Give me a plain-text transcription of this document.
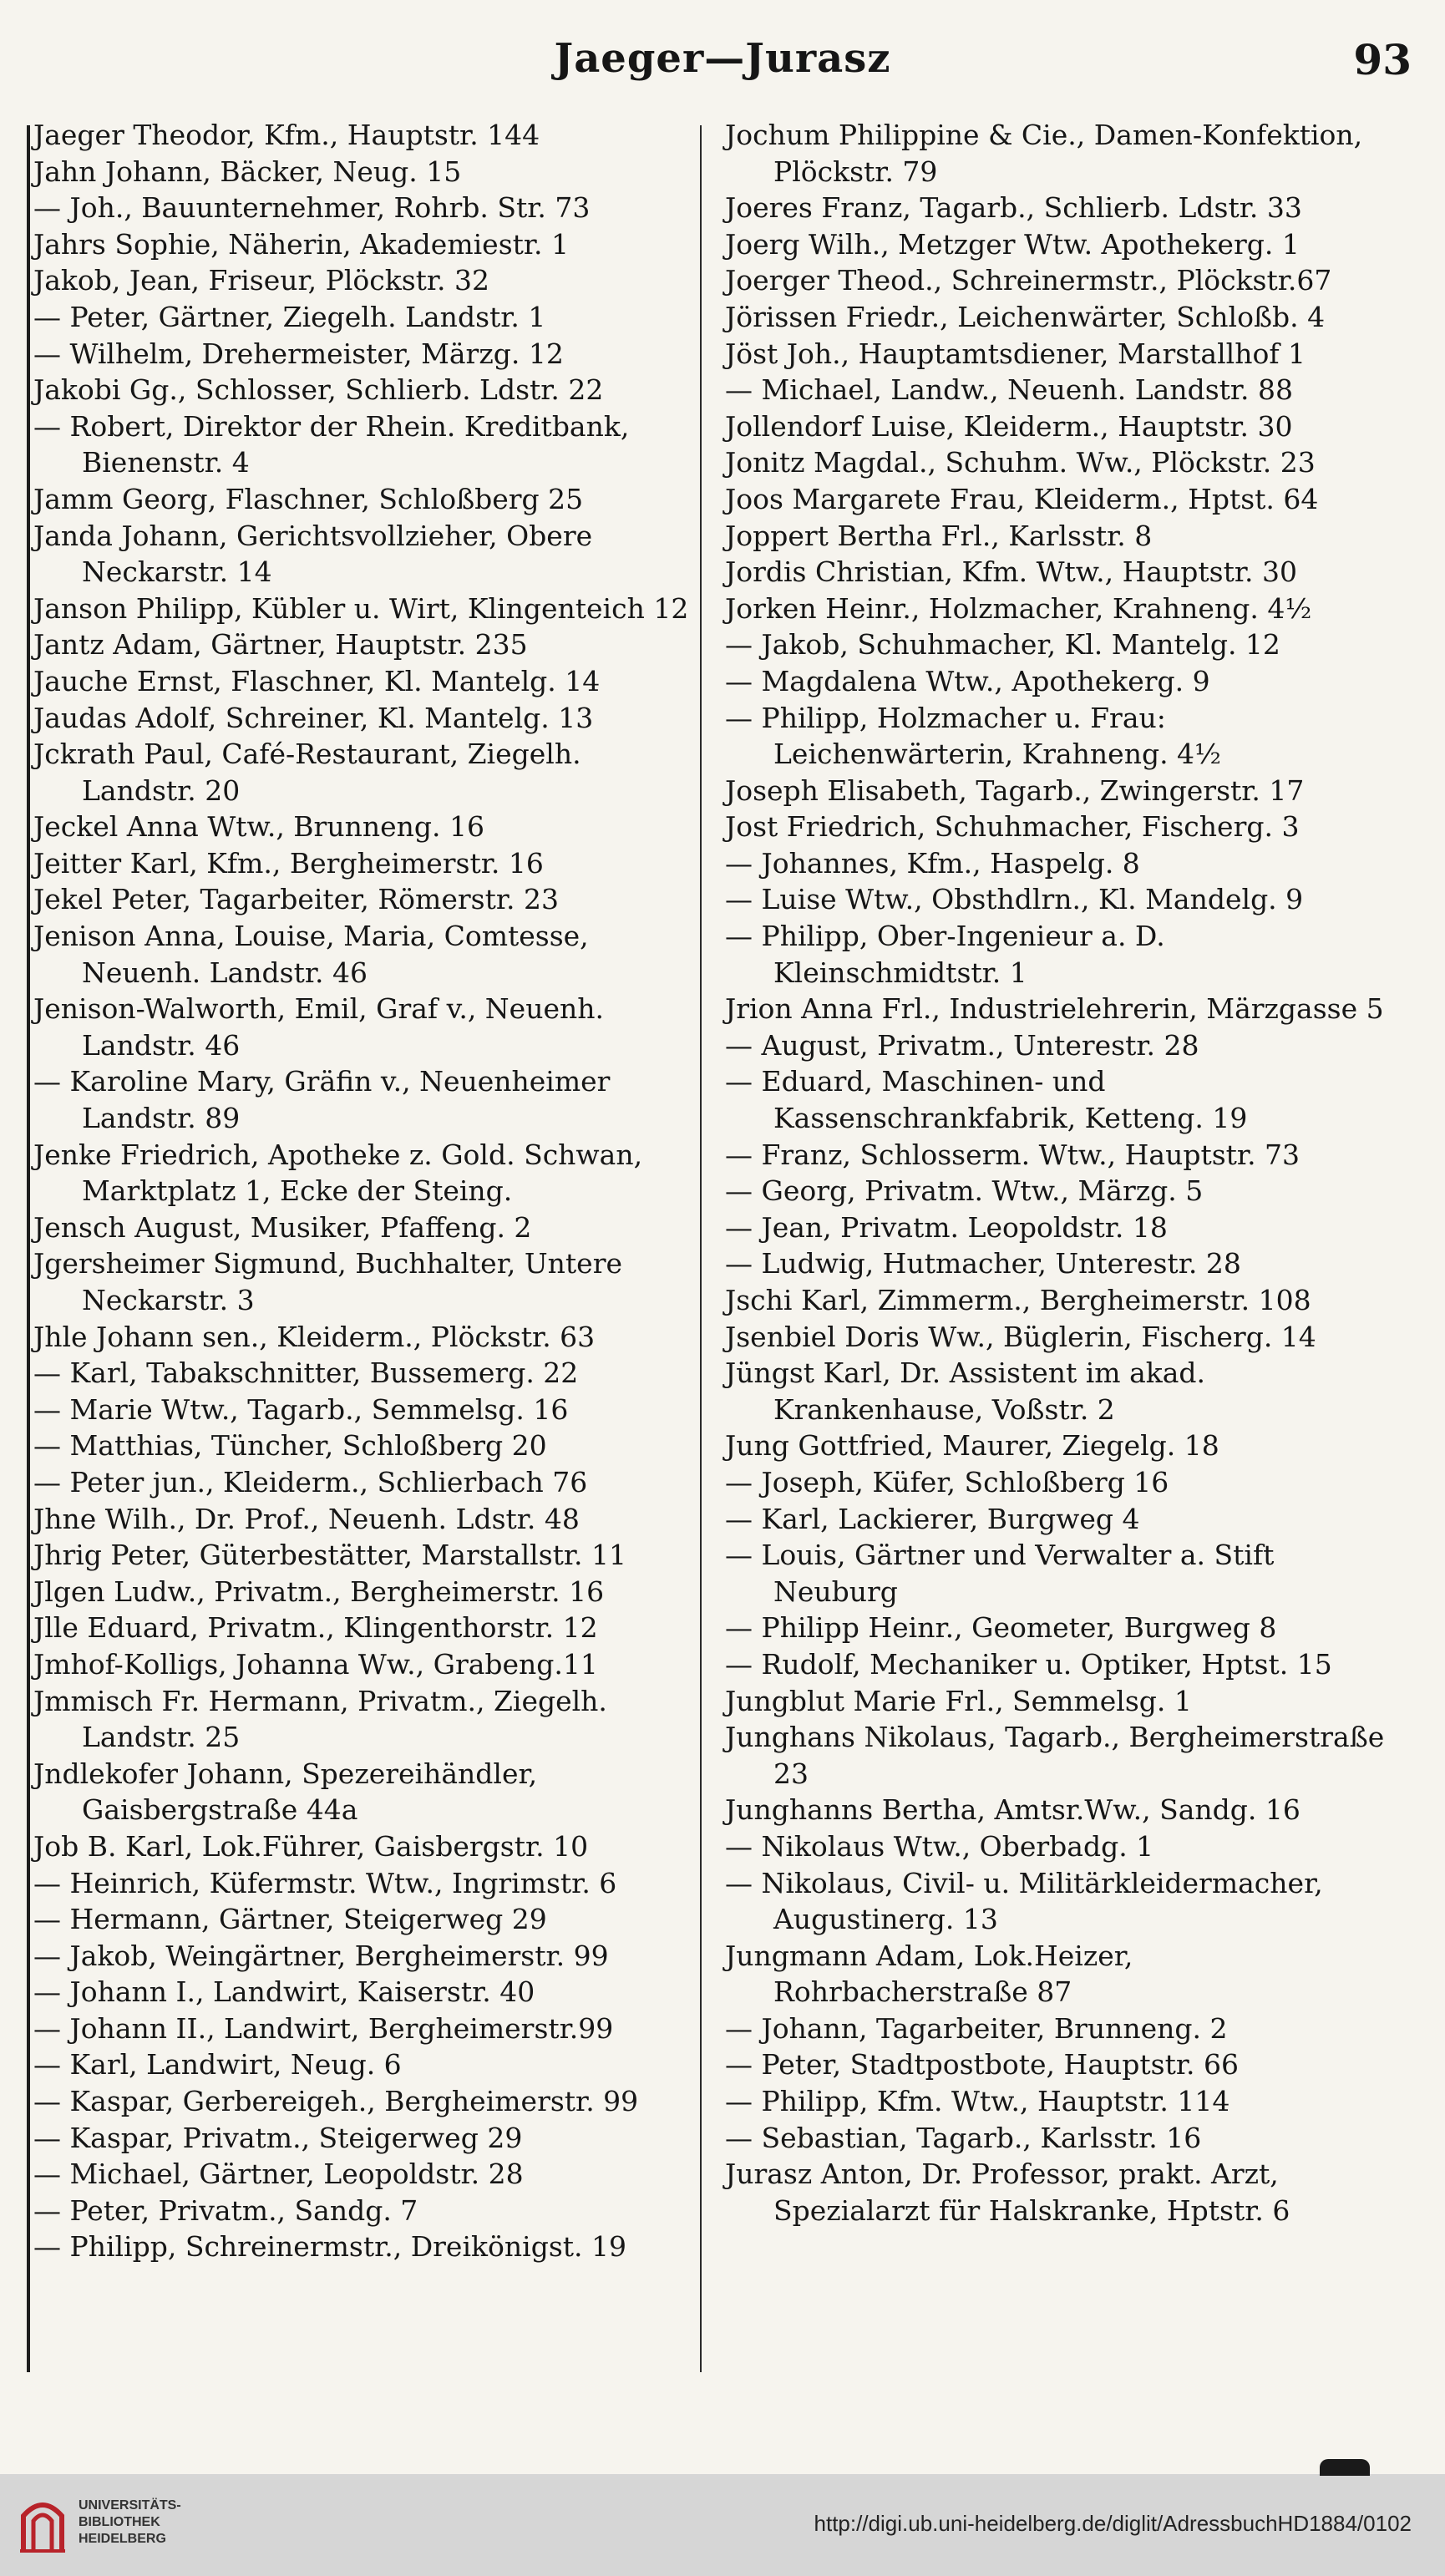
Jaeger—Jurasz	93

Jaeger Theodor, Kfm., Hauptstr. 144

Jahn Johann, Bäcker, Neug. 15

— Joh., Bauunternehmer, Rohrb. Str. 73

Jahrs Sophie, Näherin, Akademiestr. 1

Jakob, Jean, Friseur, Plöckstr. 32

— Peter, Gärtner, Ziegelh. Landstr. 1

— Wilhelm, Drehermeister, Märzg. 12

Jakobi Gg., Schlosser, Schlierb. Ldstr. 22

— Robert, Direktor der Rhein. Kreditbank, Bienenstr. 4

Jamm Georg, Flaschner, Schloßberg 25

Janda Johann, Gerichtsvollzieher, Obere Neckarstr. 14

Janson Philipp, Kübler u. Wirt, Klingenteich 12

Jantz Adam, Gärtner, Hauptstr. 235

Jauche Ernst, Flaschner, Kl. Mantelg. 14

Jaudas Adolf, Schreiner, Kl. Mantelg. 13

Jckrath Paul, Café-Restaurant, Ziegelh. Landstr. 20

Jeckel Anna Wtw., Brunneng. 16

Jeitter Karl, Kfm., Bergheimerstr. 16

Jekel Peter, Tagarbeiter, Römerstr. 23

Jenison Anna, Louise, Maria, Comtesse, Neuenh. Landstr. 46

Jenison-Walworth, Emil, Graf v., Neuenh. Landstr. 46

— Karoline Mary, Gräfin v., Neuenheimer Landstr. 89

Jenke Friedrich, Apotheke z. Gold. Schwan, Marktplatz 1, Ecke der Steing.

Jensch August, Musiker, Pfaffeng. 2

Jgersheimer Sigmund, Buchhalter, Untere Neckarstr. 3

Jhle Johann sen., Kleiderm., Plöckstr. 63

— Karl, Tabakschnitter, Bussemerg. 22

— Marie Wtw., Tagarb., Semmelsg. 16

— Matthias, Tüncher, Schloßberg 20

— Peter jun., Kleiderm., Schlierbach 76

Jhne Wilh., Dr. Prof., Neuenh. Ldstr. 48

Jhrig Peter, Güterbestätter, Marstallstr. 11

Jlgen Ludw., Privatm., Bergheimerstr. 16

Jlle Eduard, Privatm., Klingenthorstr. 12

Jmhof-Kolligs, Johanna Ww., Grabeng.11

Jmmisch Fr. Hermann, Privatm., Ziegelh. Landstr. 25

Jndlekofer Johann, Spezereihändler, Gaisbergstraße 44a

Job B. Karl, Lok.Führer, Gaisbergstr. 10

— Heinrich, Küfermstr. Wtw., Ingrimstr. 6

— Hermann, Gärtner, Steigerweg 29

— Jakob, Weingärtner, Bergheimerstr. 99

— Johann I., Landwirt, Kaiserstr. 40

— Johann II., Landwirt, Bergheimerstr.99

— Karl, Landwirt, Neug. 6

— Kaspar, Gerbereigeh., Bergheimerstr. 99

— Kaspar, Privatm., Steigerweg 29

— Michael, Gärtner, Leopoldstr. 28

— Peter, Privatm., Sandg. 7

— Philipp, Schreinermstr., Dreikönigst. 19

Jochum Philippine & Cie., Damen-Konfektion, Plöckstr. 79

Joeres Franz, Tagarb., Schlierb. Ldstr. 33

Joerg Wilh., Metzger Wtw. Apothekerg. 1

Joerger Theod., Schreinermstr., Plöckstr.67

Jörissen Friedr., Leichenwärter, Schloßb. 4

Jöst Joh., Hauptamtsdiener, Marstallhof 1

— Michael, Landw., Neuenh. Landstr. 88

Jollendorf Luise, Kleiderm., Hauptstr. 30

Jonitz Magdal., Schuhm. Ww., Plöckstr. 23

Joos Margarete Frau, Kleiderm., Hptst. 64

Joppert Bertha Frl., Karlsstr. 8

Jordis Christian, Kfm. Wtw., Hauptstr. 30

Jorken Heinr., Holzmacher, Krahneng. 4½

— Jakob, Schuhmacher, Kl. Mantelg. 12

— Magdalena Wtw., Apothekerg. 9

— Philipp, Holzmacher u. Frau: Leichenwärterin, Krahneng. 4½

Joseph Elisabeth, Tagarb., Zwingerstr. 17

Jost Friedrich, Schuhmacher, Fischerg. 3

— Johannes, Kfm., Haspelg. 8

— Luise Wtw., Obsthdlrn., Kl. Mandelg. 9

— Philipp, Ober-Ingenieur a. D. Kleinschmidtstr. 1

Jrion Anna Frl., Industrielehrerin, Märzgasse 5

— August, Privatm., Unterestr. 28

— Eduard, Maschinen- und Kassenschrankfabrik, Ketteng. 19

— Franz, Schlosserm. Wtw., Hauptstr. 73

— Georg, Privatm. Wtw., Märzg. 5

— Jean, Privatm. Leopoldstr. 18

— Ludwig, Hutmacher, Unterestr. 28

Jschi Karl, Zimmerm., Bergheimerstr. 108

Jsenbiel Doris Ww., Büglerin, Fischerg. 14

Jüngst Karl, Dr. Assistent im akad. Krankenhause, Voßstr. 2

Jung Gottfried, Maurer, Ziegelg. 18

— Joseph, Küfer, Schloßberg 16

— Karl, Lackierer, Burgweg 4

— Louis, Gärtner und Verwalter a. Stift Neuburg

— Philipp Heinr., Geometer, Burgweg 8

— Rudolf, Mechaniker u. Optiker, Hptst. 15

Jungblut Marie Frl., Semmelsg. 1

Junghans Nikolaus, Tagarb., Bergheimerstraße 23

Junghanns Bertha, Amtsr.Ww., Sandg. 16

— Nikolaus Wtw., Oberbadg. 1

— Nikolaus, Civil- u. Militärkleidermacher, Augustinerg. 13

Jungmann Adam, Lok.Heizer, Rohrbacherstraße 87

— Johann, Tagarbeiter, Brunneng. 2

— Peter, Stadtpostbote, Hauptstr. 66

— Philipp, Kfm. Wtw., Hauptstr. 114

— Sebastian, Tagarb., Karlsstr. 16

Jurasz Anton, Dr. Professor, prakt. Arzt, Spezialarzt für Halskranke, Hptstr. 6

UNIVERSITÄTS-
BIBLIOTHEK
HEIDELBERG
http://digi.ub.uni-heidelberg.de/diglit/AdressbuchHD1884/0102
